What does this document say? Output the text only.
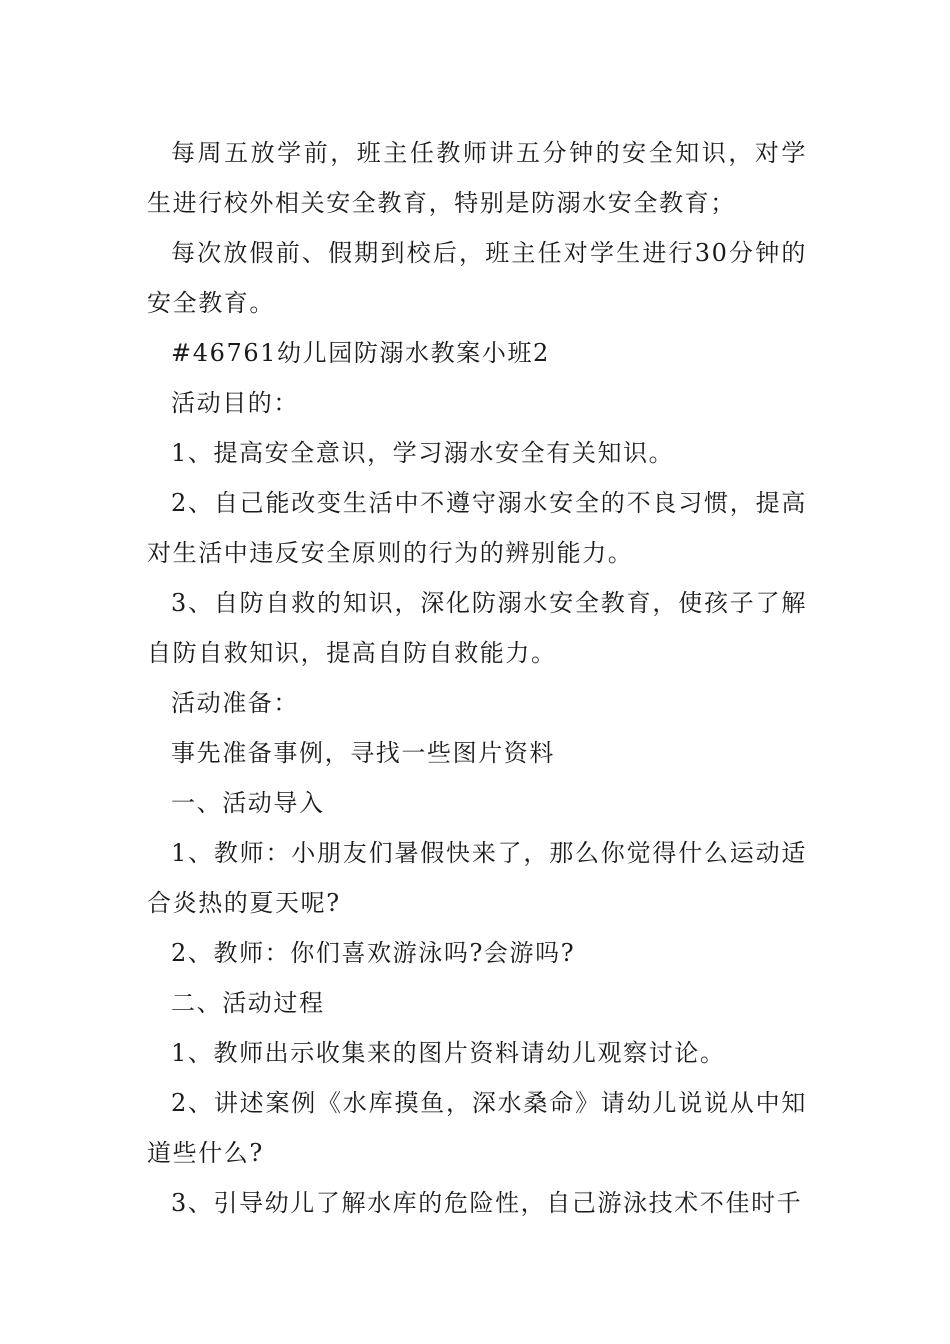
每周五放学前，班主任教师讲五分钟的安全知识，对学生进行校外相关安全教育，特别是防溺水安全教育；

每次放假前、假期到校后，班主任对学生进行30分钟的安全教育。

#46761幼儿园防溺水教案小班2

活动目的：

1、提高安全意识，学习溺水安全有关知识。

2、自己能改变生活中不遵守溺水安全的不良习惯，提高对生活中违反安全原则的行为的辨别能力。

3、自防自救的知识，深化防溺水安全教育，使孩子了解自防自救知识，提高自防自救能力。

活动准备：

事先准备事例，寻找一些图片资料

一、活动导入

1、教师：小朋友们暑假快来了，那么你觉得什么运动适合炎热的夏天呢?

2、教师：你们喜欢游泳吗?会游吗?

二、活动过程

1、教师出示收集来的图片资料请幼儿观察讨论。

2、讲述案例《水库摸鱼，深水桑命》请幼儿说说从中知道些什么?

3、引导幼儿了解水库的危险性，自己游泳技术不佳时千
